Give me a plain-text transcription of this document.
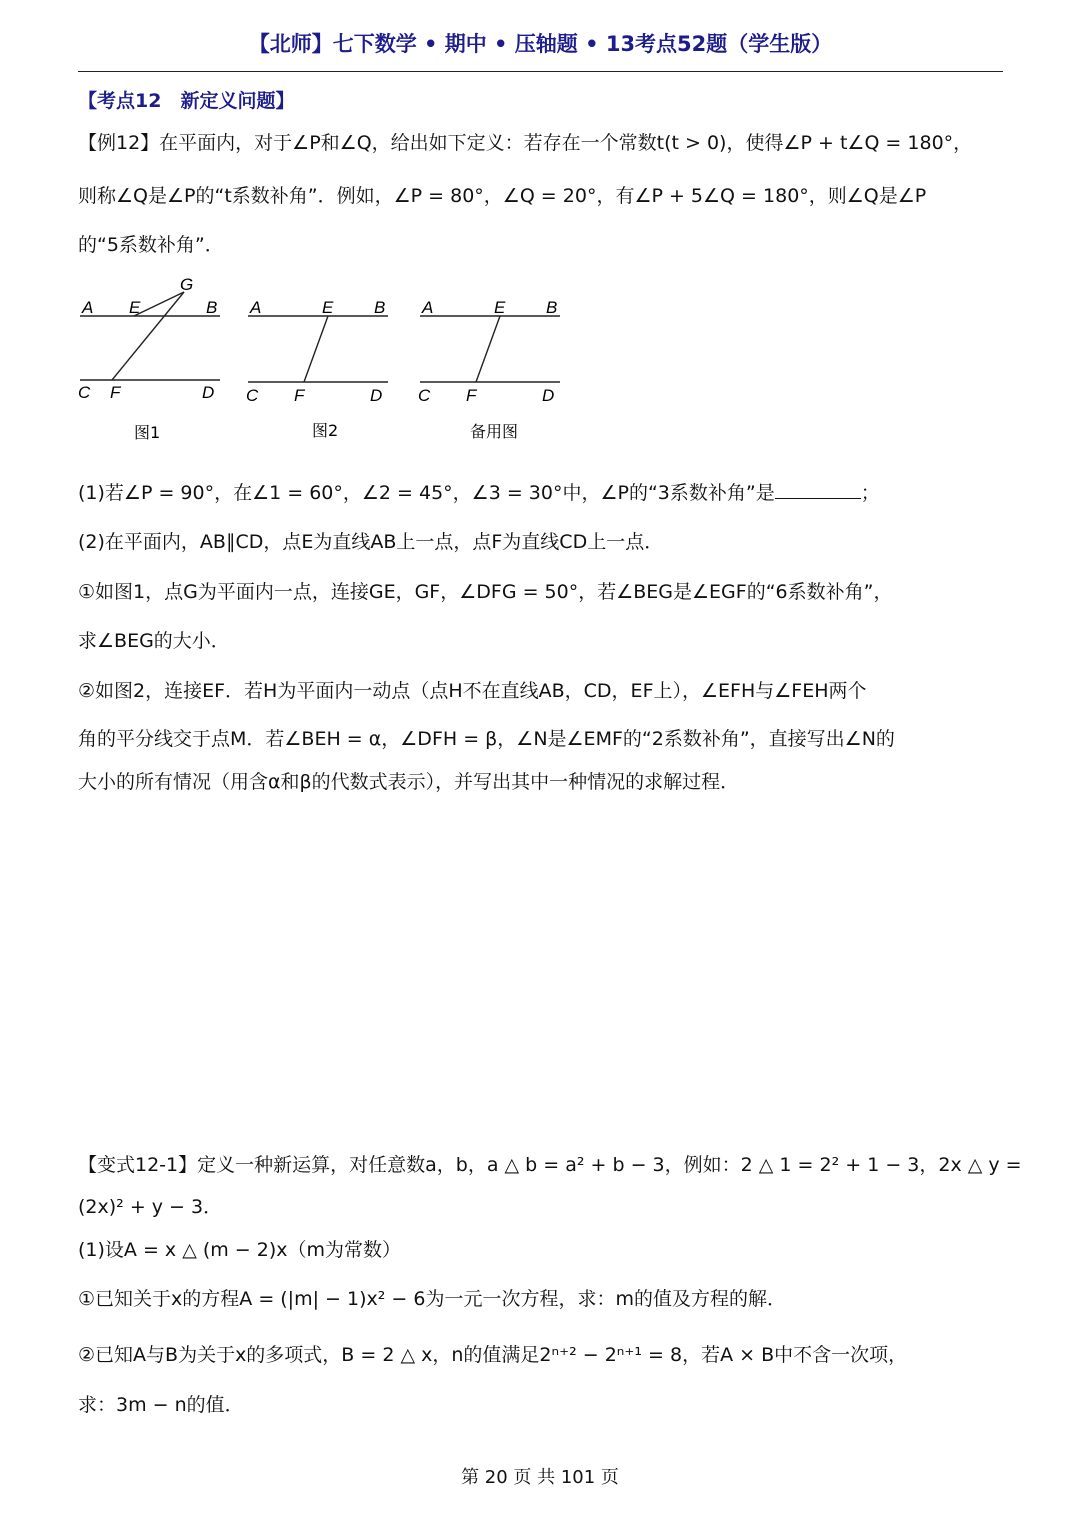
【北师】七下数学 • 期中 • 压轴题 • 13考点52题（学生版）
【考点12　新定义问题】
【例12】在平面内，对于∠P和∠Q，给出如下定义：若存在一个常数t(t > 0)，使得∠P + t∠Q = 180°，
则称∠Q是∠P的“t系数补角”．例如，∠P = 80°，∠Q = 20°，有∠P + 5∠Q = 180°，则∠Q是∠P
的“5系数补角”．
A E
G
B
C F	D
图1
A	E B
C F	D
图2
A	E B
C F	D
备用图
(1)若∠P = 90°，在∠1 = 60°，∠2 = 45°，∠3 = 30°中，∠P的“3系数补角”是	；
(2)在平面内，AB∥CD，点E为直线AB上一点，点F为直线CD上一点．
①如图1，点G为平面内一点，连接GE，GF，∠DFG = 50°，若∠BEG是∠EGF的“6系数补角”，
求∠BEG的大小．
②如图2，连接EF．若H为平面内一动点（点H不在直线AB，CD，EF上），∠EFH与∠FEH两个
角的平分线交于点M．若∠BEH = α，∠DFH = β，∠N是∠EMF的“2系数补角”，直接写出∠N的
大小的所有情况（用含α和β的代数式表示），并写出其中一种情况的求解过程．
【变式12-1】定义一种新运算，对任意数a，b，a △ b = a² + b − 3，例如：2 △ 1 = 2² + 1 − 3，2x △ y =
(2x)² + y − 3．
(1)设A = x △ (m − 2)x（m为常数）
①已知关于x的方程A = (|m| − 1)x² − 6为一元一次方程，求：m的值及方程的解．
②已知A与B为关于x的多项式，B = 2 △ x，n的值满足2ⁿ⁺² − 2ⁿ⁺¹ = 8，若A × B中不含一次项，
求：3m − n的值．
第 20 页 共 101 页
